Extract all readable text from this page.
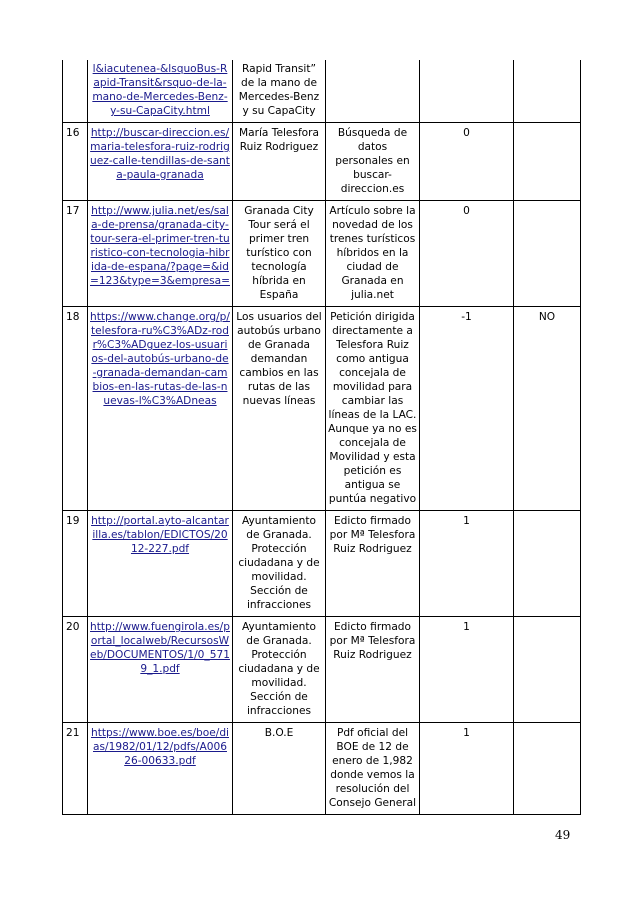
	l&iacutenea-&lsquoBus-Rapid-Transit&rsquo-de-la-mano-de-Mercedes-Benz-y-su-CapaCity.html	Rapid Transit” de la mano de Mercedes-Benz y su CapaCity			
16	http://buscar-direccion.es/maria-telesfora-ruiz-rodriguez-calle-tendillas-de-santa-paula-granada	María Telesfora Ruiz Rodriguez	Búsqueda de datos personales en buscar-direccion.es	0	
17	http://www.julia.net/es/sala-de-prensa/granada-city-tour-sera-el-primer-tren-turistico-con-tecnologia-hibrida-de-espana/?page=&id=123&type=3&empresa=	Granada City Tour será el primer tren turístico con tecnología híbrida en España	Artículo sobre la novedad de los trenes turísticos híbridos en la ciudad de Granada en julia.net	0	
18	https://www.change.org/p/telesfora-ru%C3%ADz-rodr%C3%ADguez-los-usuarios-del-autobús-urbano-de-granada-demandan-cambios-en-las-rutas-de-las-nuevas-l%C3%ADneas	Los usuarios del autobús urbano de Granada demandan cambios en las rutas de las nuevas líneas	Petición dirigida directamente a Telesfora Ruiz como antigua concejala de movilidad para cambiar las líneas de la LAC. Aunque ya no es concejala de Movilidad y esta petición es antigua se puntúa negativo	-1	NO
19	http://portal.ayto-alcantarilla.es/tablon/EDICTOS/2012-227.pdf	Ayuntamiento de Granada. Protección ciudadana y de movilidad. Sección de infracciones	Edicto firmado por Mª Telesfora Ruiz Rodriguez	1	
20	http://www.fuengirola.es/portal_localweb/RecursosWeb/DOCUMENTOS/1/0_5719_1.pdf	Ayuntamiento de Granada. Protección ciudadana y de movilidad. Sección de infracciones	Edicto firmado por Mª Telesfora Ruiz Rodriguez	1	
21	https://www.boe.es/boe/dias/1982/01/12/pdfs/A00626-00633.pdf	B.O.E	Pdf oficial del BOE de 12 de enero de 1,982 donde vemos la resolución del Consejo General	1	
49
